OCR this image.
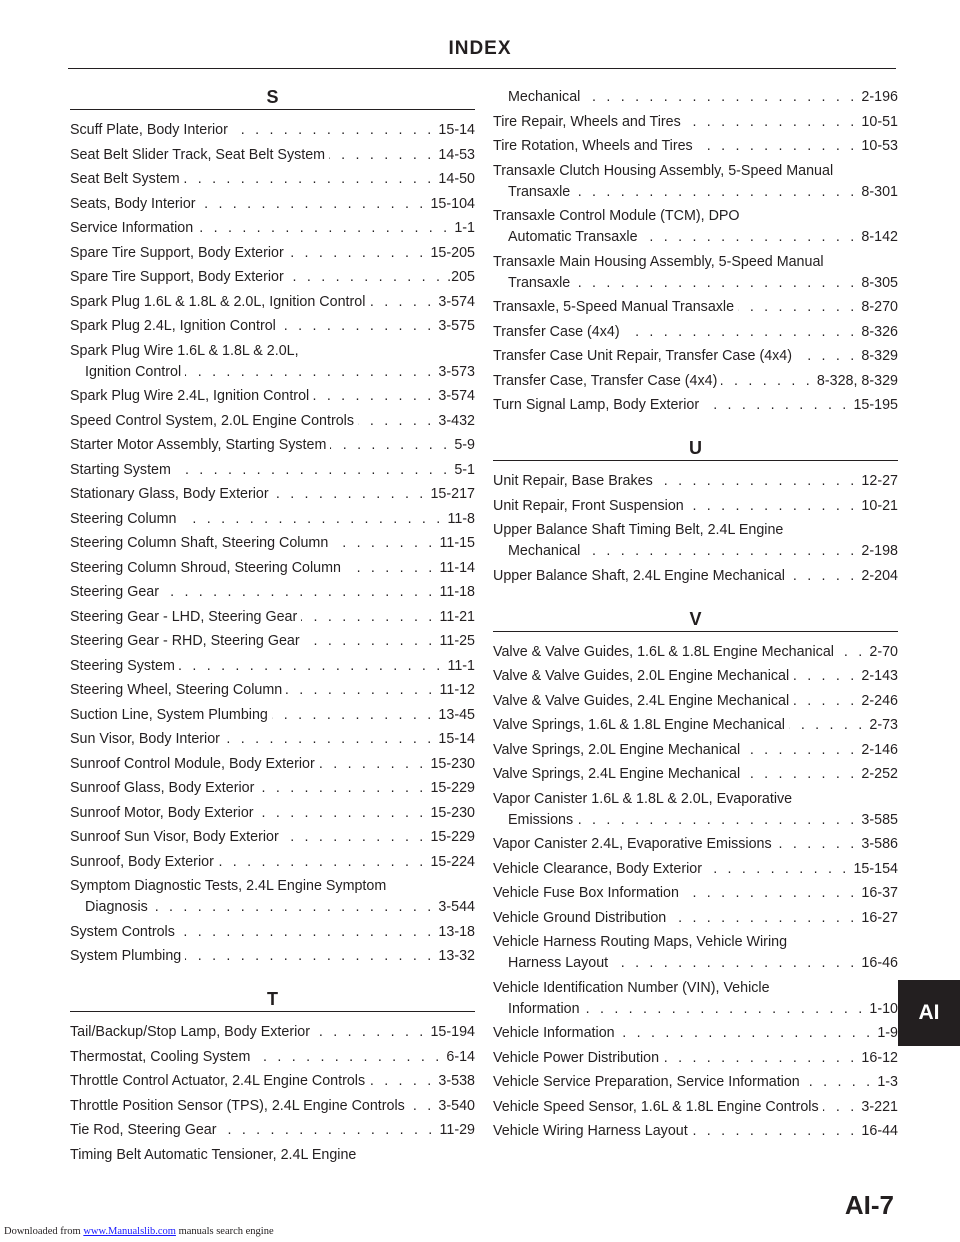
INDEX
S
Scuff Plate, Body Interior . . .	15-14
Seat Belt Slider Track, Seat Belt System . . .	14-53
Seat Belt System . . .	14-50
Seats, Body Interior . . .	15-104
Service Information . . .	1-1
Spare Tire Support, Body Exterior . . .	15-205
Spare Tire Support, Body Exterior . . .	.205
Spark Plug 1.6L & 1.8L & 2.0L, Ignition Control . . .	3-574
Spark Plug 2.4L, Ignition Control . . .	3-575
Spark Plug Wire 1.6L & 1.8L & 2.0L,
Ignition Control . . .	3-573
Spark Plug Wire 2.4L, Ignition Control . . .	3-574
Speed Control System, 2.0L Engine Controls . . .	3-432
Starter Motor Assembly, Starting System . . .	5-9
Starting System . . .	5-1
Stationary Glass, Body Exterior . . .	15-217
Steering Column . . .	11-8
Steering Column Shaft, Steering Column . . .	11-15
Steering Column Shroud, Steering Column . . .	11-14
Steering Gear . . .	11-18
Steering Gear - LHD, Steering Gear . . .	11-21
Steering Gear - RHD, Steering Gear . . .	11-25
Steering System . . .	11-1
Steering Wheel, Steering Column . . .	11-12
Suction Line, System Plumbing . . .	13-45
Sun Visor, Body Interior . . .	15-14
Sunroof Control Module, Body Exterior . . .	15-230
Sunroof Glass, Body Exterior . . .	15-229
Sunroof Motor, Body Exterior . . .	15-230
Sunroof Sun Visor, Body Exterior . . .	15-229
Sunroof, Body Exterior . . .	15-224
Symptom Diagnostic Tests, 2.4L Engine Symptom
Diagnosis . . .	3-544
System Controls . . .	13-18
System Plumbing . . .	13-32
T
Tail/Backup/Stop Lamp, Body Exterior . . .	15-194
Thermostat, Cooling System . . .	6-14
Throttle Control Actuator, 2.4L Engine Controls . . .	3-538
Throttle Position Sensor (TPS), 2.4L Engine Controls . . . 3-540
Tie Rod, Steering Gear . . .	11-29
Timing Belt Automatic Tensioner, 2.4L Engine
Mechanical . . .	2-196
Tire Repair, Wheels and Tires . . .	10-51
Tire Rotation, Wheels and Tires . . .	10-53
Transaxle Clutch Housing Assembly, 5-Speed Manual
Transaxle . . .	8-301
Transaxle Control Module (TCM), DPO
Automatic Transaxle . . .	8-142
Transaxle Main Housing Assembly, 5-Speed Manual
Transaxle . . .	8-305
Transaxle, 5-Speed Manual Transaxle . . .	8-270
Transfer Case (4x4) . . .	8-326
Transfer Case Unit Repair, Transfer Case (4x4) . . .	8-329
Transfer Case, Transfer Case (4x4) . . .	8-328, 8-329
Turn Signal Lamp, Body Exterior . . .	15-195
U
Unit Repair, Base Brakes . . .	12-27
Unit Repair, Front Suspension . . .	10-21
Upper Balance Shaft Timing Belt, 2.4L Engine
Mechanical . . .	2-198
Upper Balance Shaft, 2.4L Engine Mechanical . . .	2-204
V
Valve & Valve Guides, 1.6L & 1.8L Engine Mechanical . . . 2-70
Valve & Valve Guides, 2.0L Engine Mechanical . . .	2-143
Valve & Valve Guides, 2.4L Engine Mechanical . . .	2-246
Valve Springs, 1.6L & 1.8L Engine Mechanical . . .	2-73
Valve Springs, 2.0L Engine Mechanical . . .	2-146
Valve Springs, 2.4L Engine Mechanical . . .	2-252
Vapor Canister 1.6L & 1.8L & 2.0L, Evaporative
Emissions . . .	3-585
Vapor Canister 2.4L, Evaporative Emissions . . .	3-586
Vehicle Clearance, Body Exterior . . .	15-154
Vehicle Fuse Box Information . . .	16-37
Vehicle Ground Distribution . . .	16-27
Vehicle Harness Routing Maps, Vehicle Wiring
Harness Layout . . .	16-46
Vehicle Identification Number (VIN), Vehicle
Information . . .	1-10
Vehicle Information . . .	1-9
Vehicle Power Distribution . . .	16-12
Vehicle Service Preparation, Service Information . . .	1-3
Vehicle Speed Sensor, 1.6L & 1.8L Engine Controls . . .	3-221
Vehicle Wiring Harness Layout . . .	16-44
AI
AI-7
Downloaded from www.Manualslib.com manuals search engine
